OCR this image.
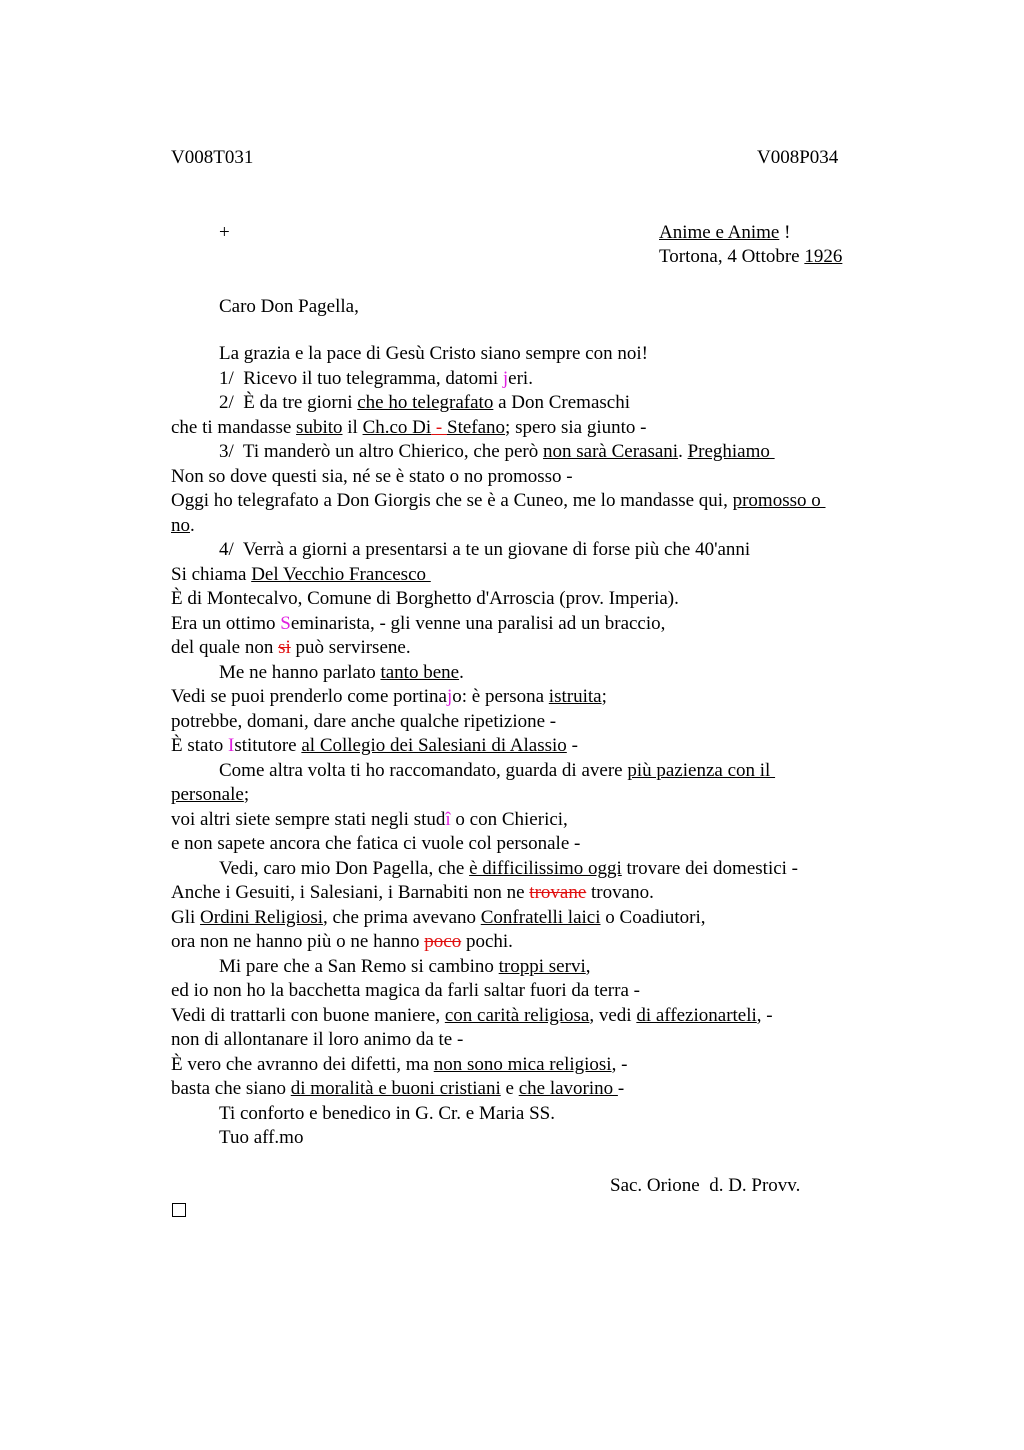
V008T031	V008P034
+	Anime e Anime !
Tortona, 4 Ottobre 1926
Caro Don Pagella,
La grazia e la pace di Gesù Cristo siano sempre con noi!
1/  Ricevo il tuo telegramma, datomi jeri.
2/  È da tre giorni che ho telegrafato a Don Cremaschi
che ti mandasse subito il Ch.co Di - Stefano; spero sia giunto -
3/  Ti manderò un altro Chierico, che però non sarà Cerasani. Preghiamo
Non so dove questi sia, né se è stato o no promosso -
Oggi ho telegrafato a Don Giorgis che se è a Cuneo, me lo mandasse qui, promosso o
no.
4/  Verrà a giorni a presentarsi a te un giovane di forse più che 40'anni
Si chiama Del Vecchio Francesco
È di Montecalvo, Comune di Borghetto d'Arroscia (prov. Imperia).
Era un ottimo Seminarista, - gli venne una paralisi ad un braccio,
del quale non si può servirsene.
Me ne hanno parlato tanto bene.
Vedi se puoi prenderlo come portinajo: è persona istruita;
potrebbe, domani, dare anche qualche ripetizione -
È stato Istitutore al Collegio dei Salesiani di Alassio -
Come altra volta ti ho raccomandato, guarda di avere più pazienza con il
personale;
voi altri siete sempre stati negli studî o con Chierici,
e non sapete ancora che fatica ci vuole col personale -
Vedi, caro mio Don Pagella, che è difficilissimo oggi trovare dei domestici -
Anche i Gesuiti, i Salesiani, i Barnabiti non ne trovane trovano.
Gli Ordini Religiosi, che prima avevano Confratelli laici o Coadiutori,
ora non ne hanno più o ne hanno poco pochi.
Mi pare che a San Remo si cambino troppi servi,
ed io non ho la bacchetta magica da farli saltar fuori da terra -
Vedi di trattarli con buone maniere, con carità religiosa, vedi di affezionarteli, -
non di allontanare il loro animo da te -
È vero che avranno dei difetti, ma non sono mica religiosi, -
basta che siano di moralità e buoni cristiani e che lavorino -
Ti conforto e benedico in G. Cr. e Maria SS.
Tuo aff.mo
Sac. Orione  d. D. Provv.
